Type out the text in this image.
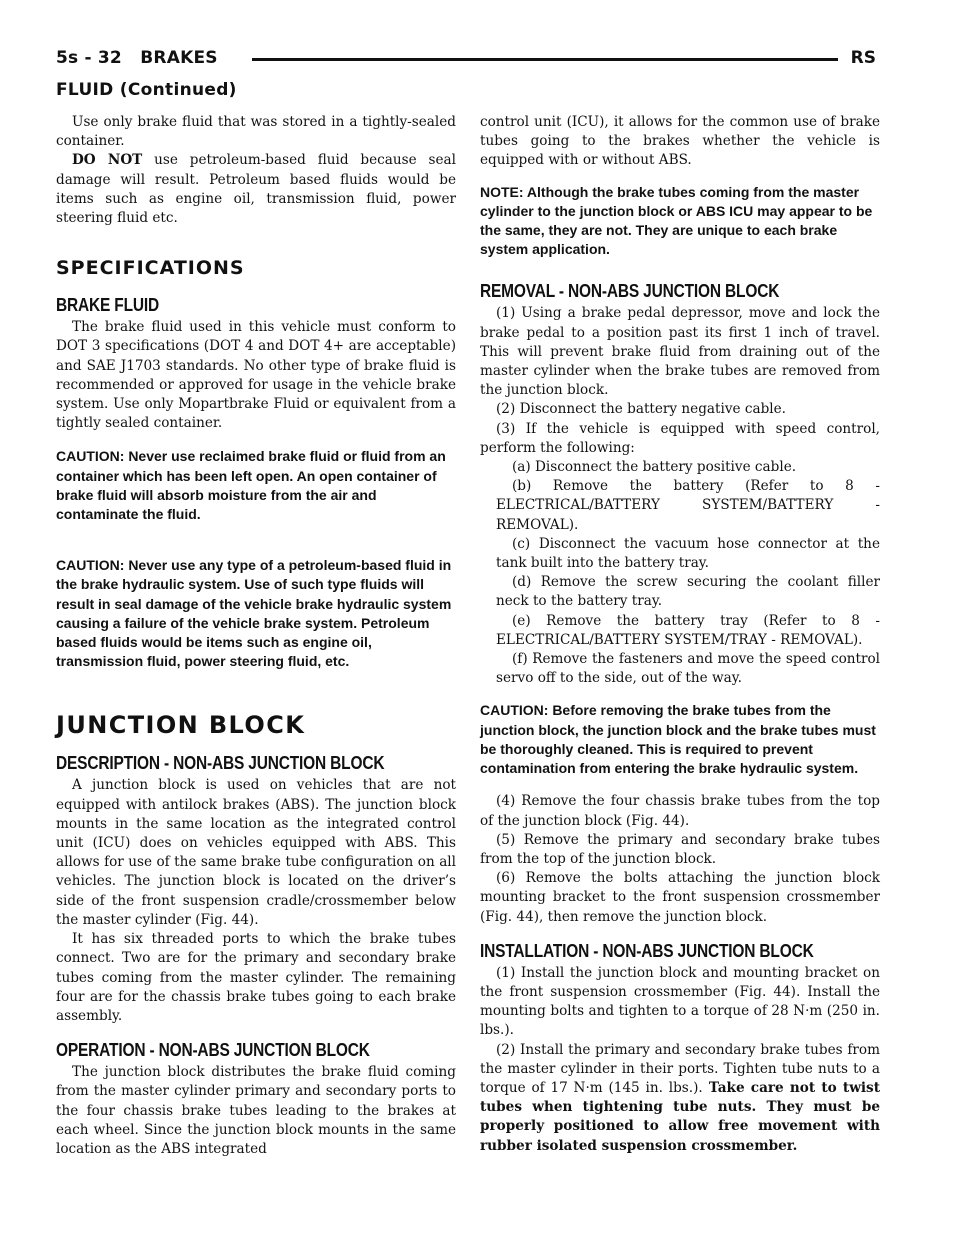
5s - 32 BRAKES	RS
FLUID (Continued)

Use only brake fluid that was stored in a tightly-sealed container.

DO NOT use petroleum-based fluid because seal damage will result. Petroleum based fluids would be items such as engine oil, transmission fluid, power steering fluid etc.

SPECIFICATIONS

BRAKE FLUID

The brake fluid used in this vehicle must conform to DOT 3 specifications (DOT 4 and DOT 4+ are acceptable) and SAE J1703 standards. No other type of brake fluid is recommended or approved for usage in the vehicle brake system. Use only Mopartbrake Fluid or equivalent from a tightly sealed container.

CAUTION: Never use reclaimed brake fluid or fluid from an container which has been left open. An open container of brake fluid will absorb moisture from the air and contaminate the fluid.

CAUTION: Never use any type of a petroleum-based fluid in the brake hydraulic system. Use of such type fluids will result in seal damage of the vehicle brake hydraulic system causing a failure of the vehicle brake system. Petroleum based fluids would be items such as engine oil, transmission fluid, power steering fluid, etc.

JUNCTION BLOCK

DESCRIPTION - NON-ABS JUNCTION BLOCK

A junction block is used on vehicles that are not equipped with antilock brakes (ABS). The junction block mounts in the same location as the integrated control unit (ICU) does on vehicles equipped with ABS. This allows for use of the same brake tube configuration on all vehicles. The junction block is located on the driver’s side of the front suspension cradle/crossmember below the master cylinder (Fig. 44).

It has six threaded ports to which the brake tubes connect. Two are for the primary and secondary brake tubes coming from the master cylinder. The remaining four are for the chassis brake tubes going to each brake assembly.

OPERATION - NON-ABS JUNCTION BLOCK

The junction block distributes the brake fluid coming from the master cylinder primary and secondary ports to the four chassis brake tubes leading to the brakes at each wheel. Since the junction block mounts in the same location as the ABS integrated

control unit (ICU), it allows for the common use of brake tubes going to the brakes whether the vehicle is equipped with or without ABS.

NOTE: Although the brake tubes coming from the master cylinder to the junction block or ABS ICU may appear to be the same, they are not. They are unique to each brake system application.

REMOVAL - NON-ABS JUNCTION BLOCK

(1) Using a brake pedal depressor, move and lock the brake pedal to a position past its first 1 inch of travel. This will prevent brake fluid from draining out of the master cylinder when the brake tubes are removed from the junction block.

(2) Disconnect the battery negative cable.

(3) If the vehicle is equipped with speed control, perform the following:

(a) Disconnect the battery positive cable.

(b) Remove the battery (Refer to 8 - ELECTRICAL/BATTERY SYSTEM/BATTERY - REMOVAL).

(c) Disconnect the vacuum hose connector at the tank built into the battery tray.

(d) Remove the screw securing the coolant filler neck to the battery tray.

(e) Remove the battery tray (Refer to 8 - ELECTRICAL/BATTERY SYSTEM/TRAY - REMOVAL).

(f) Remove the fasteners and move the speed control servo off to the side, out of the way.

CAUTION: Before removing the brake tubes from the junction block, the junction block and the brake tubes must be thoroughly cleaned. This is required to prevent contamination from entering the brake hydraulic system.

(4) Remove the four chassis brake tubes from the top of the junction block (Fig. 44).

(5) Remove the primary and secondary brake tubes from the top of the junction block.

(6) Remove the bolts attaching the junction block mounting bracket to the front suspension crossmember (Fig. 44), then remove the junction block.

INSTALLATION - NON-ABS JUNCTION BLOCK

(1) Install the junction block and mounting bracket on the front suspension crossmember (Fig. 44). Install the mounting bolts and tighten to a torque of 28 N·m (250 in. lbs.).

(2) Install the primary and secondary brake tubes from the master cylinder in their ports. Tighten tube nuts to a torque of 17 N·m (145 in. lbs.). Take care not to twist tubes when tightening tube nuts. They must be properly positioned to allow free movement with rubber isolated suspension crossmember.
